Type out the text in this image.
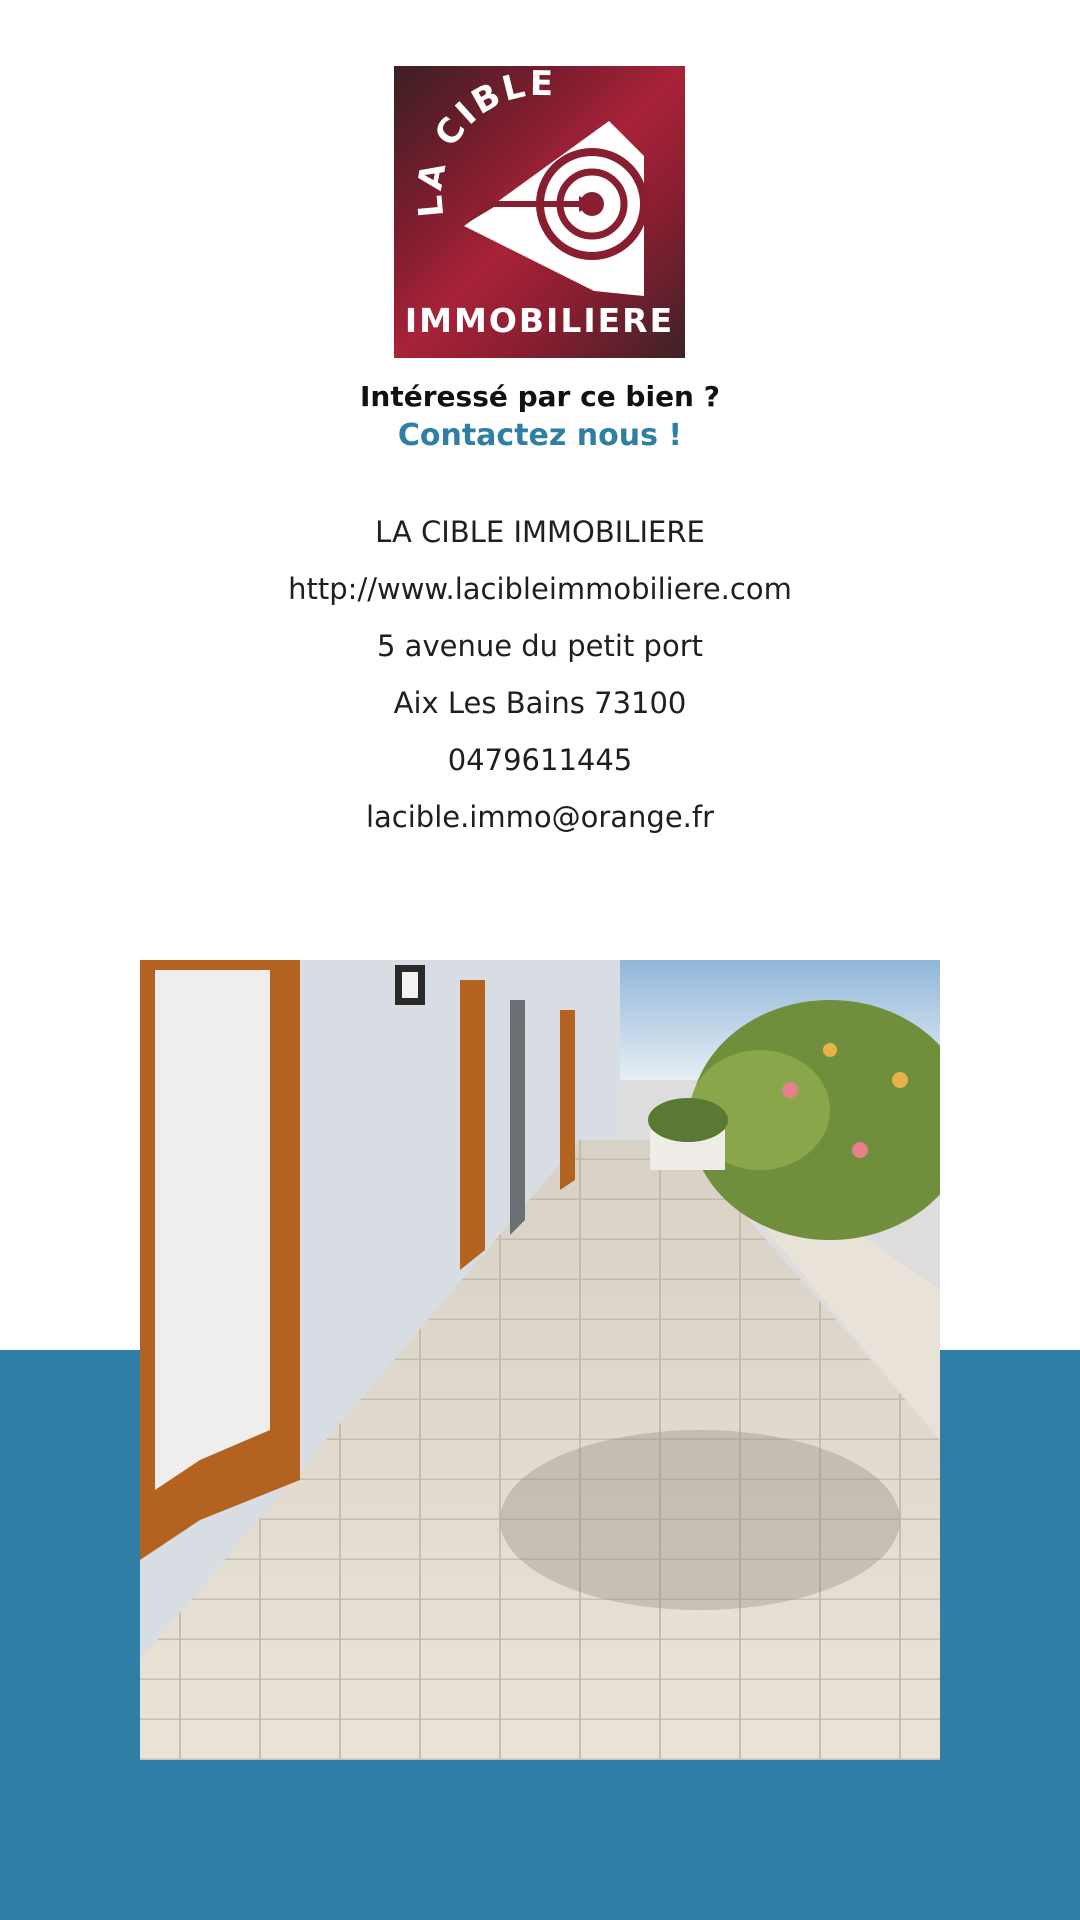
LA CIBLE
IMMOBILIERE
Intéressé par ce bien ?
Contactez nous !
LA CIBLE IMMOBILIERE
http://www.lacibleimmobiliere.com
5 avenue du petit port
Aix Les Bains 73100
0479611445
lacible.immo@orange.fr
